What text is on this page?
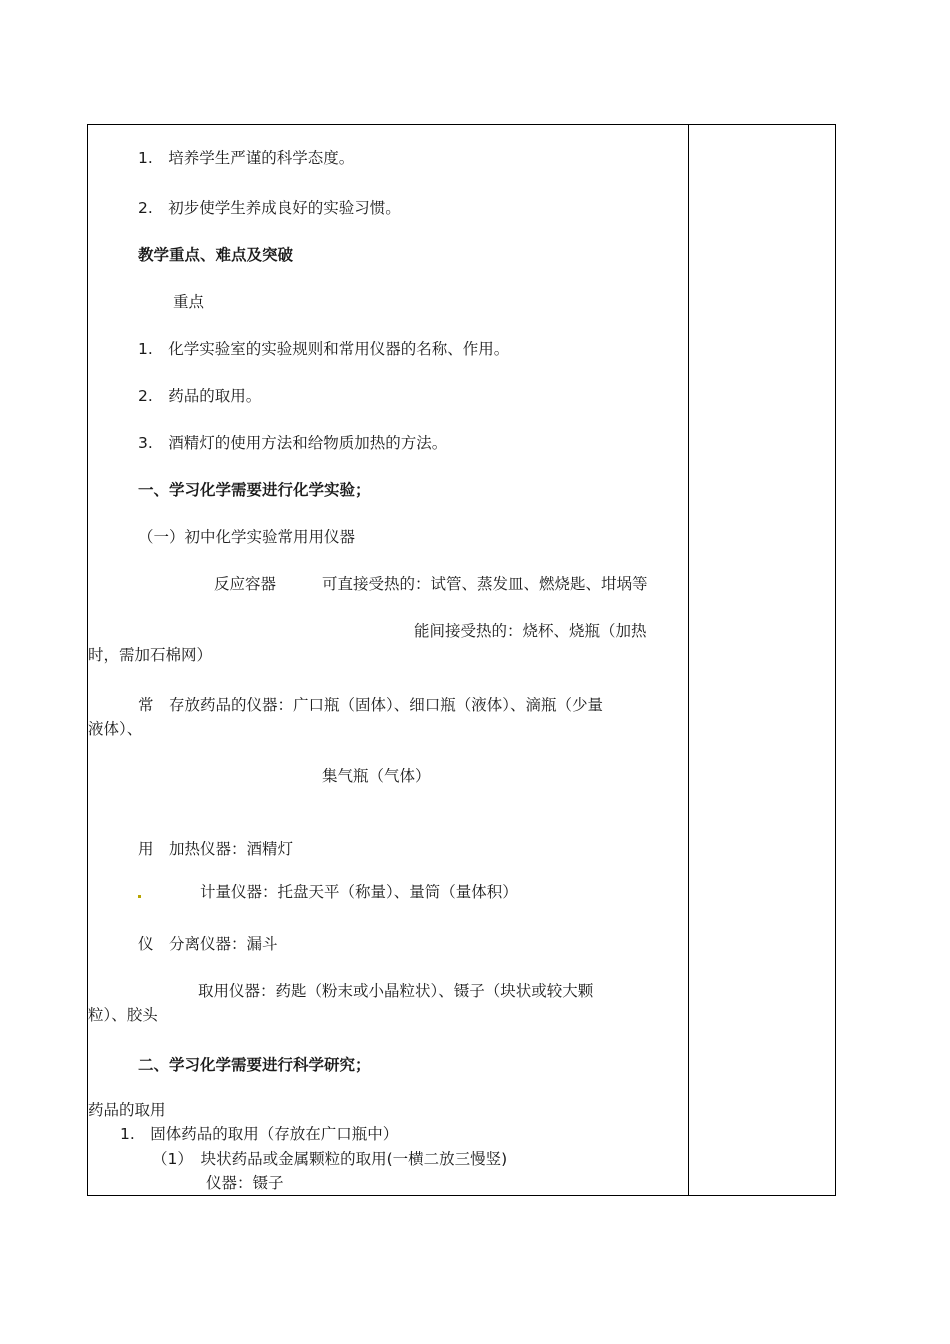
1.　培养学生严谨的科学态度。
2.　初步使学生养成良好的实验习惯。
教学重点、难点及突破
重点
1.　化学实验室的实验规则和常用仪器的名称、作用。
2.　药品的取用。
3.　酒精灯的使用方法和给物质加热的方法。
一、学习化学需要进行化学实验；
（一）初中化学实验常用用仪器
反应容器	可直接受热的：试管、蒸发皿、燃烧匙、坩埚等
能间接受热的：烧杯、烧瓶（加热
时，需加石棉网）
常　存放药品的仪器：广口瓶（固体）、细口瓶（液体）、滴瓶（少量
液体）、
集气瓶（气体）
用　加热仪器：酒精灯
计量仪器：托盘天平（称量）、量筒（量体积）
仪　分离仪器：漏斗
取用仪器：药匙（粉末或小晶粒状）、镊子（块状或较大颗
粒）、胶头
二、学习化学需要进行科学研究；
药品的取用
1.　固体药品的取用（存放在广口瓶中）
（1）　块状药品或金属颗粒的取用(一横二放三慢竖)
仪器：镊子
